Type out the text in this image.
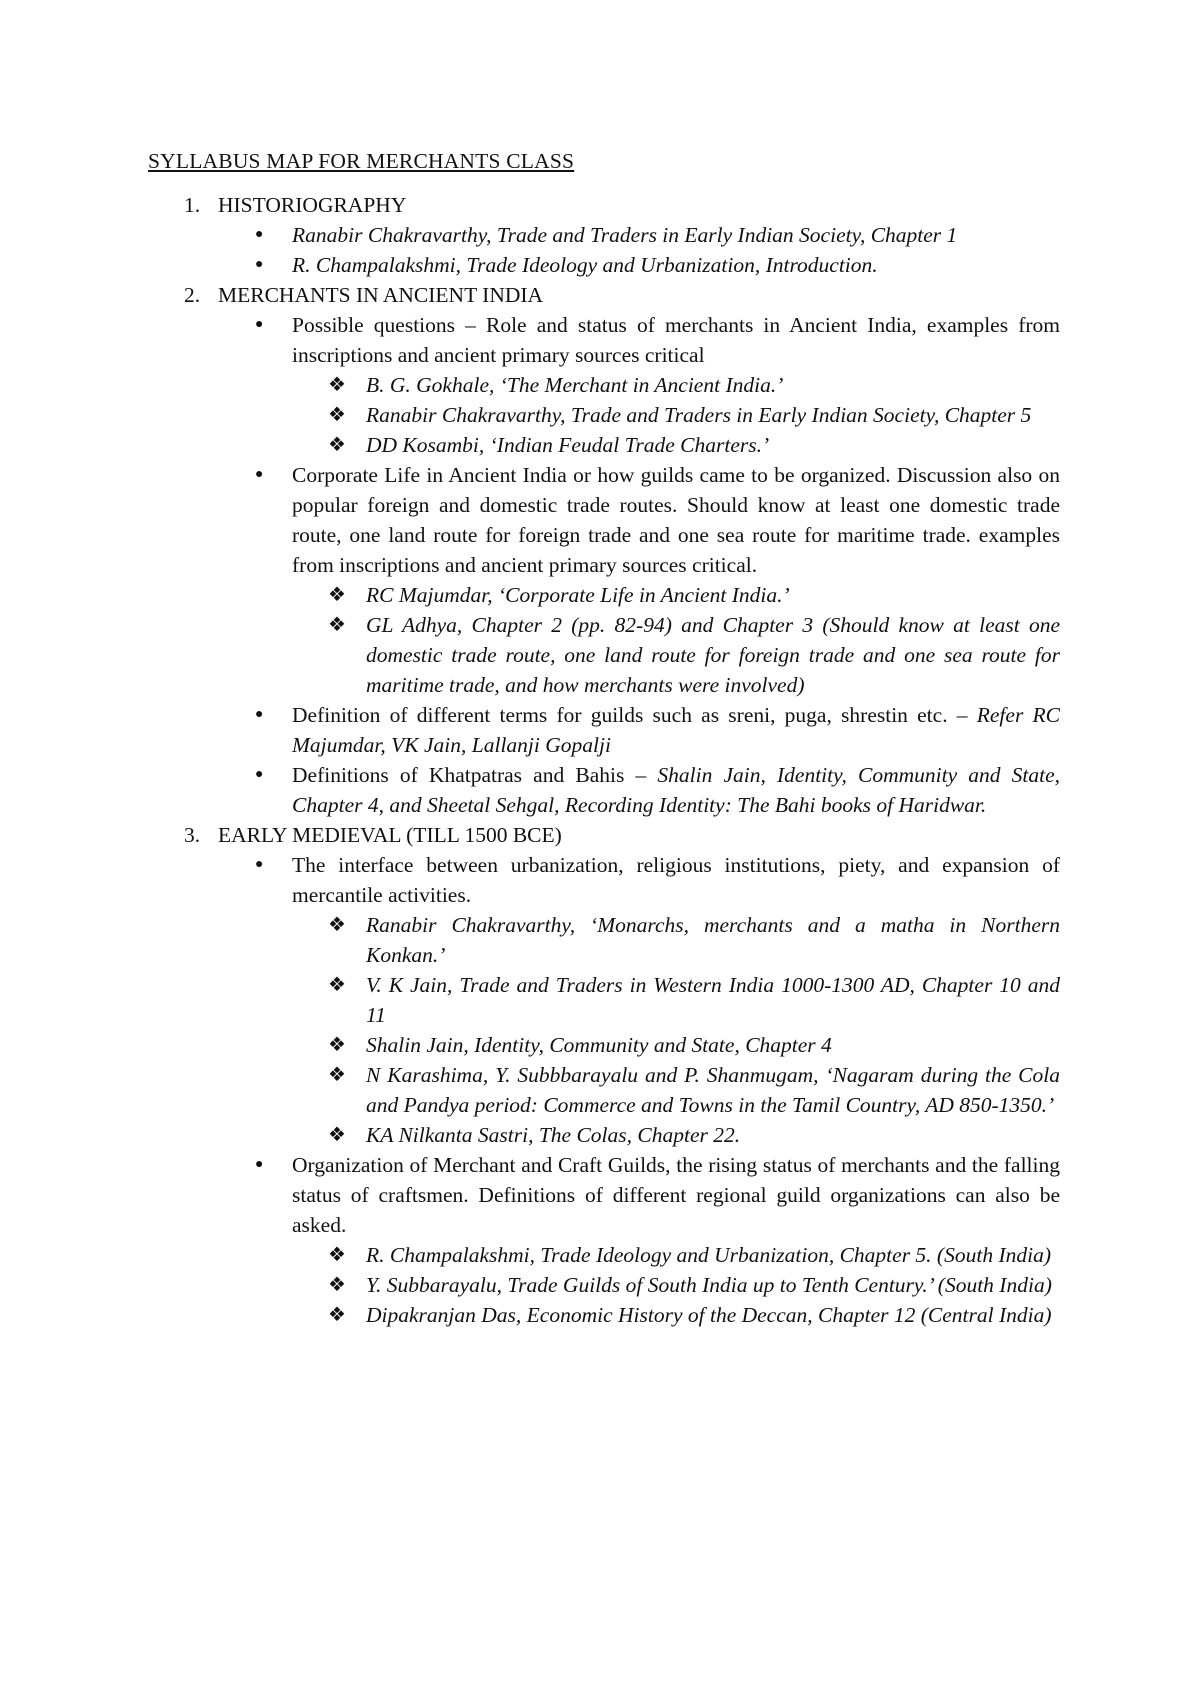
SYLLABUS MAP FOR MERCHANTS CLASS
1. HISTORIOGRAPHY
●	Ranabir Chakravarthy, Trade and Traders in Early Indian Society, Chapter 1
●	R. Champalakshmi, Trade Ideology and Urbanization, Introduction.
2. MERCHANTS IN ANCIENT INDIA
●	Possible questions – Role and status of merchants in Ancient India, examples from inscriptions and ancient primary sources critical
❖ B. G. Gokhale, ‘The Merchant in Ancient India.’
❖ Ranabir Chakravarthy, Trade and Traders in Early Indian Society, Chapter 5
❖ DD Kosambi, ‘Indian Feudal Trade Charters.’
●	Corporate Life in Ancient India or how guilds came to be organized. Discussion also on popular foreign and domestic trade routes. Should know at least one domestic trade route, one land route for foreign trade and one sea route for maritime trade. examples from inscriptions and ancient primary sources critical.
❖ RC Majumdar, ‘Corporate Life in Ancient India.’
❖ GL Adhya, Chapter 2 (pp. 82-94) and Chapter 3 (Should know at least one domestic trade route, one land route for foreign trade and one sea route for maritime trade, and how merchants were involved)
●	Definition of different terms for guilds such as sreni, puga, shrestin etc. – Refer RC Majumdar, VK Jain, Lallanji Gopalji
●	Definitions of Khatpatras and Bahis – Shalin Jain, Identity, Community and State, Chapter 4, and Sheetal Sehgal, Recording Identity: The Bahi books of Haridwar.
3. EARLY MEDIEVAL (TILL 1500 BCE)
●	The interface between urbanization, religious institutions, piety, and expansion of mercantile activities.
❖ Ranabir Chakravarthy, ‘Monarchs, merchants and a matha in Northern Konkan.’
❖ V. K Jain, Trade and Traders in Western India 1000-1300 AD, Chapter 10 and 11
❖ Shalin Jain, Identity, Community and State, Chapter 4
❖ N Karashima, Y. Subbbarayalu and P. Shanmugam, ‘Nagaram during the Cola and Pandya period: Commerce and Towns in the Tamil Country, AD 850-1350.’
❖ KA Nilkanta Sastri, The Colas, Chapter 22.
●	Organization of Merchant and Craft Guilds, the rising status of merchants and the falling status of craftsmen. Definitions of different regional guild organizations can also be asked.
❖ R. Champalakshmi, Trade Ideology and Urbanization, Chapter 5. (South India)
❖ Y. Subbarayalu, Trade Guilds of South India up to Tenth Century.’ (South India)
❖ Dipakranjan Das, Economic History of the Deccan, Chapter 12 (Central India)
